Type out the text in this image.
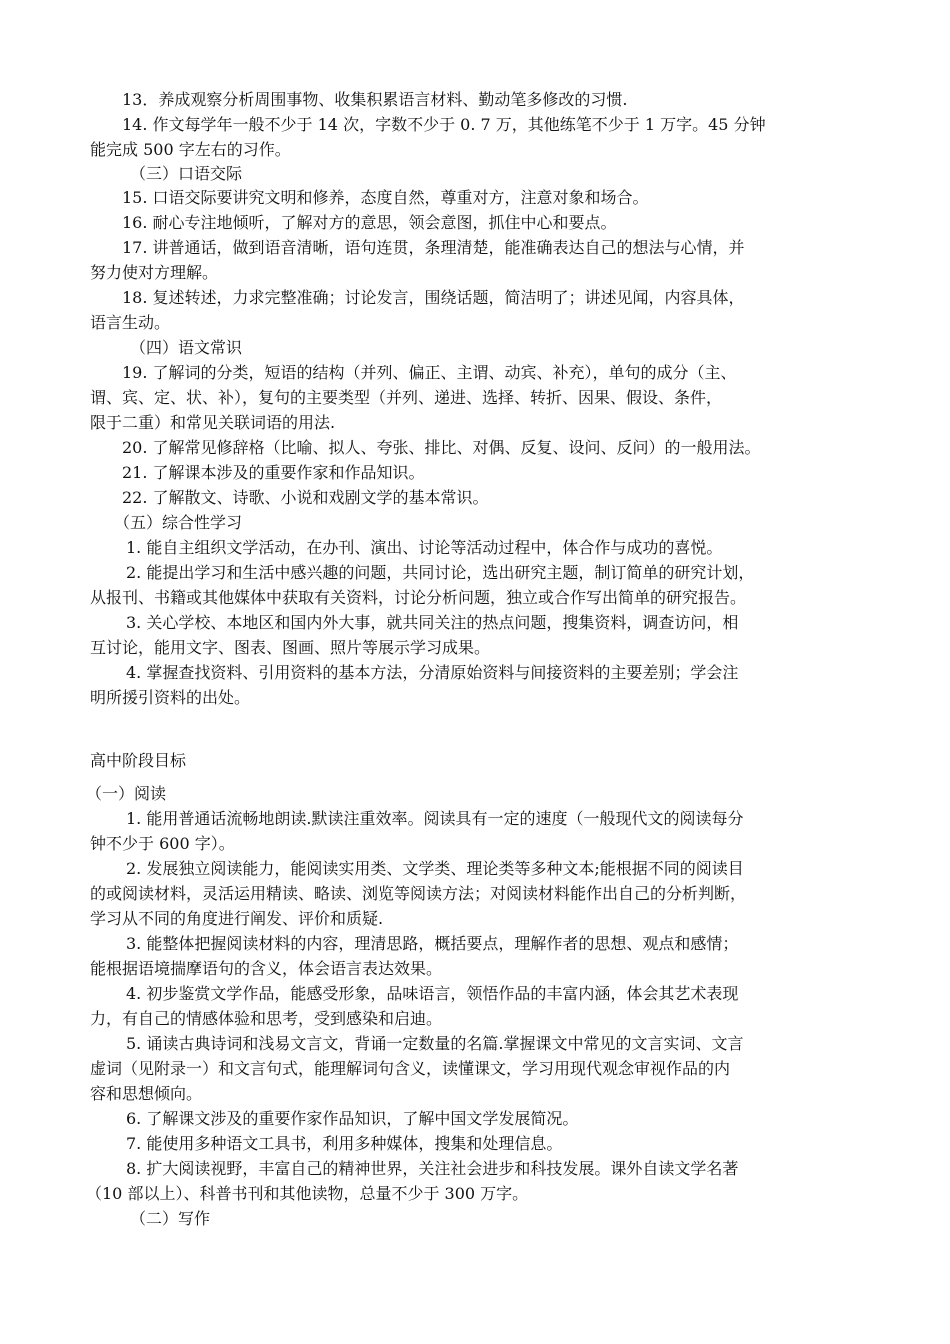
13．养成观察分析周围事物、收集积累语言材料、勤动笔多修改的习惯.
14. 作文每学年一般不少于 14 次，字数不少于 0. 7 万，其他练笔不少于 1 万字。45 分钟
能完成 500 字左右的习作。
（三）口语交际
15. 口语交际要讲究文明和修养，态度自然，尊重对方，注意对象和场合。
16. 耐心专注地倾听，了解对方的意思，领会意图，抓住中心和要点。
17. 讲普通话，做到语音清晰，语句连贯，条理清楚，能准确表达自己的想法与心情，并
努力使对方理解。
18. 复述转述，力求完整准确；讨论发言，围绕话题，简洁明了；讲述见闻，内容具体，
语言生动。
（四）语文常识
19. 了解词的分类，短语的结构（并列、偏正、主谓、动宾、补充），单句的成分（主、
谓、宾、定、状、补），复句的主要类型（并列、递进、选择、转折、因果、假设、条件，
限于二重）和常见关联词语的用法.
20. 了解常见修辞格（比喻、拟人、夸张、排比、对偶、反复、设问、反问）的一般用法。
21. 了解课本涉及的重要作家和作品知识。
22. 了解散文、诗歌、小说和戏剧文学的基本常识。
（五）综合性学习
1. 能自主组织文学活动，在办刊、演出、讨论等活动过程中，体合作与成功的喜悦。
2. 能提出学习和生活中感兴趣的问题，共同讨论，选出研究主题，制订简单的研究计划，
从报刊、书籍或其他媒体中获取有关资料，讨论分析问题，独立或合作写出简单的研究报告。
3. 关心学校、本地区和国内外大事，就共同关注的热点问题，搜集资料，调查访问，相
互讨论，能用文字、图表、图画、照片等展示学习成果。
4. 掌握查找资料、引用资料的基本方法，分清原始资料与间接资料的主要差别；学会注
明所援引资料的出处。
高中阶段目标
（一）阅读
1. 能用普通话流畅地朗读.默读注重效率。阅读具有一定的速度（一般现代文的阅读每分
钟不少于 600 字）。
2. 发展独立阅读能力，能阅读实用类、文学类、理论类等多种文本;能根据不同的阅读目
的或阅读材料，灵活运用精读、略读、浏览等阅读方法；对阅读材料能作出自己的分析判断，
学习从不同的角度进行阐发、评价和质疑.
3. 能整体把握阅读材料的内容，理清思路，概括要点，理解作者的思想、观点和感情；
能根据语境揣摩语句的含义，体会语言表达效果。
4. 初步鉴赏文学作品，能感受形象，品味语言，领悟作品的丰富内涵，体会其艺术表现
力，有自己的情感体验和思考，受到感染和启迪。
5. 诵读古典诗词和浅易文言文，背诵一定数量的名篇.掌握课文中常见的文言实词、文言
虚词（见附录一）和文言句式，能理解词句含义，读懂课文，学习用现代观念审视作品的内
容和思想倾向。
6. 了解课文涉及的重要作家作品知识，了解中国文学发展简况。
7. 能使用多种语文工具书，利用多种媒体，搜集和处理信息。
8. 扩大阅读视野，丰富自己的精神世界，关注社会进步和科技发展。课外自读文学名著
（10 部以上）、科普书刊和其他读物，总量不少于 300 万字。
（二）写作
